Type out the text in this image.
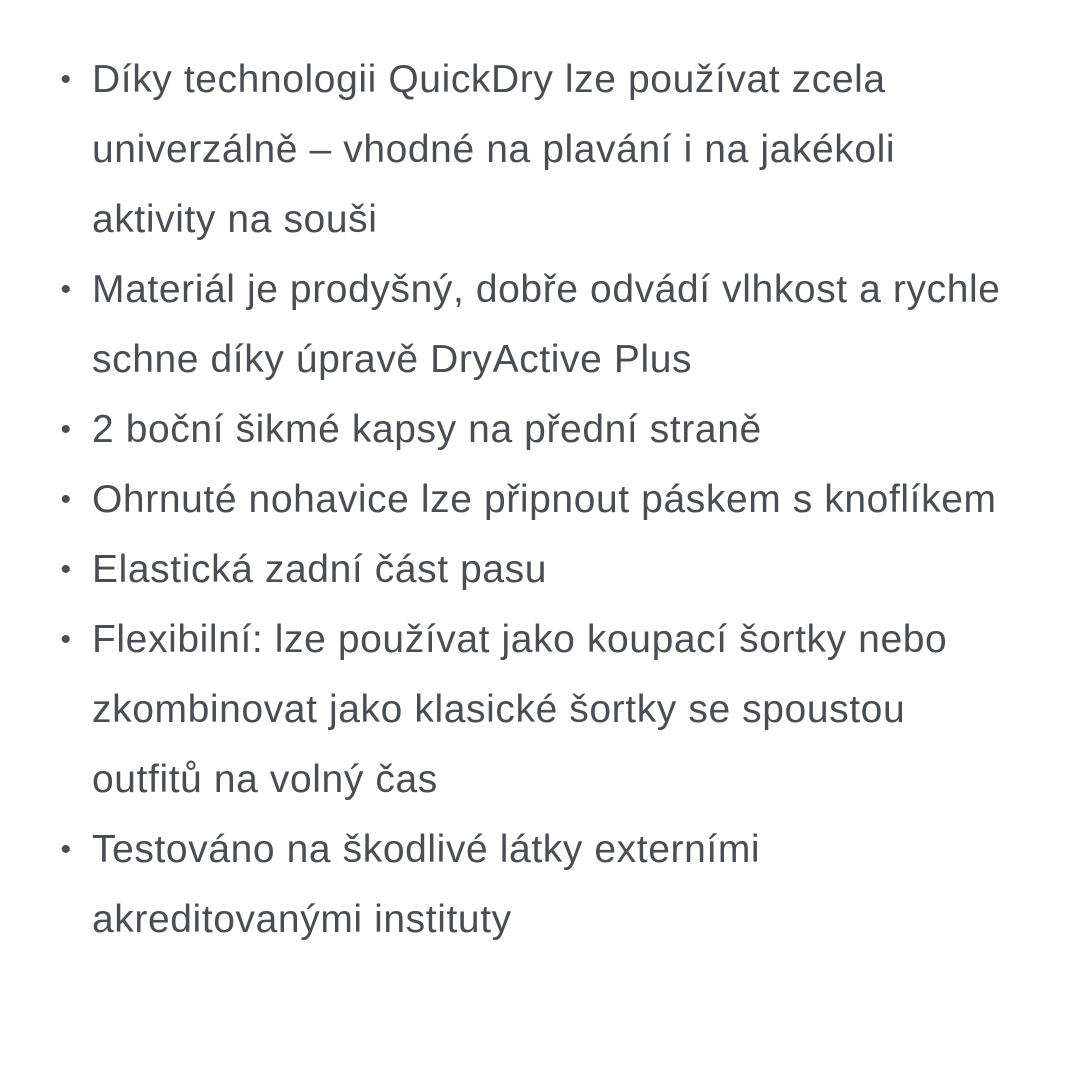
• Díky technologii QuickDry lze používat zcela univerzálně – vhodné na plavání i na jakékoli aktivity na souši
• Materiál je prodyšný, dobře odvádí vlhkost a rychle schne díky úpravě DryActive Plus
• 2 boční šikmé kapsy na přední straně
• Ohrnuté nohavice lze připnout páskem s knoflíkem
• Elastická zadní část pasu
• Flexibilní: lze používat jako koupací šortky nebo zkombinovat jako klasické šortky se spoustou outfitů na volný čas
• Testováno na škodlivé látky externími akreditovanými instituty
